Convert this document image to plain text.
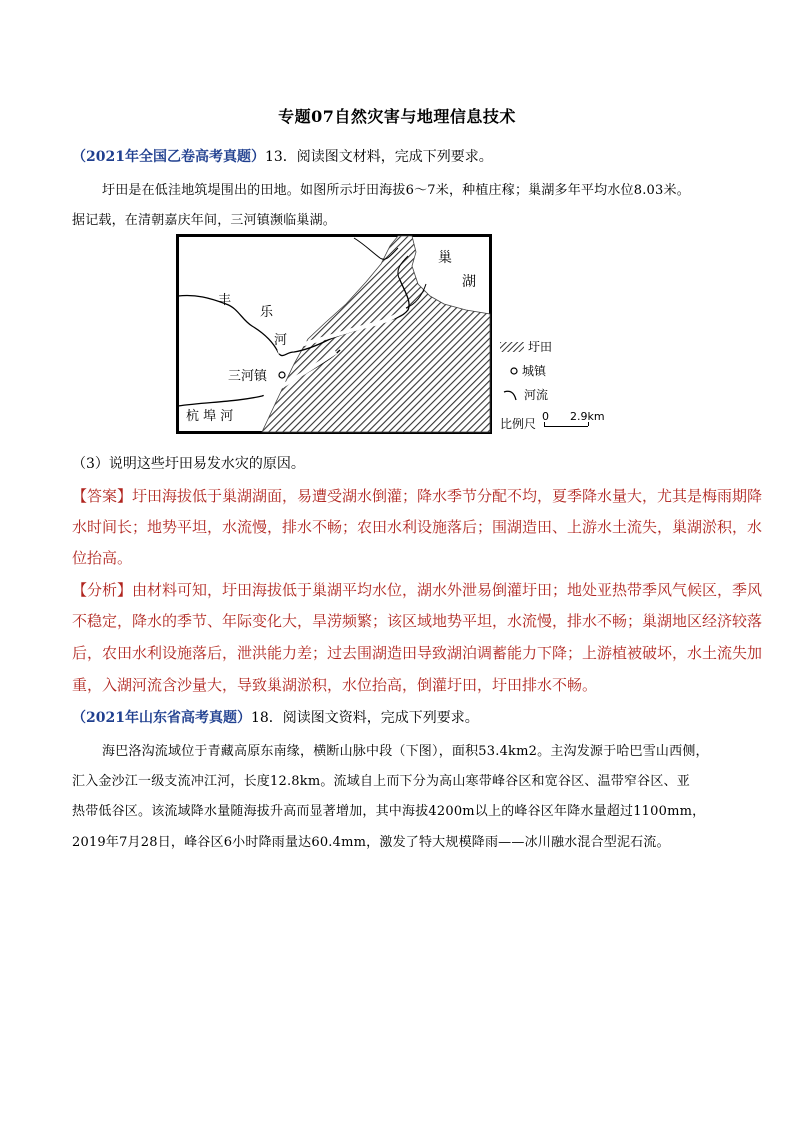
专题07自然灾害与地理信息技术
（2021年全国乙卷高考真题）13．阅读图文材料，完成下列要求。
圩田是在低洼地筑堤围出的田地。如图所示圩田海拔6～7米，种植庄稼；巢湖多年平均水位8.03米。
据记载，在清朝嘉庆年间，三河镇濒临巢湖。
巢
湖
丰
乐
河
三河镇
杭 埠 河
圩田
城镇
河流
比例尺 0 2.9km
（3）说明这些圩田易发水灾的原因。
【答案】圩田海拔低于巢湖湖面，易遭受湖水倒灌；降水季节分配不均，夏季降水量大，尤其是梅雨期降
水时间长；地势平坦，水流慢，排水不畅；农田水利设施落后；围湖造田、上游水土流失，巢湖淤积，水
位抬高。
【分析】由材料可知，圩田海拔低于巢湖平均水位，湖水外泄易倒灌圩田；地处亚热带季风气候区，季风
不稳定，降水的季节、年际变化大，旱涝频繁；该区域地势平坦，水流慢，排水不畅；巢湖地区经济较落
后，农田水利设施落后，泄洪能力差；过去围湖造田导致湖泊调蓄能力下降；上游植被破坏，水土流失加
重，入湖河流含沙量大，导致巢湖淤积，水位抬高，倒灌圩田，圩田排水不畅。
（2021年山东省高考真题）18．阅读图文资料，完成下列要求。
海巴洛沟流域位于青藏高原东南缘，横断山脉中段（下图），面积53.4km2。主沟发源于哈巴雪山西侧，
汇入金沙江一级支流冲江河，长度12.8km。流域自上而下分为高山寒带峰谷区和宽谷区、温带窄谷区、亚
热带低谷区。该流域降水量随海拔升高而显著增加，其中海拔4200m以上的峰谷区年降水量超过1100mm，
2019年7月28日，峰谷区6小时降雨量达60.4mm，激发了特大规模降雨——冰川融水混合型泥石流。
